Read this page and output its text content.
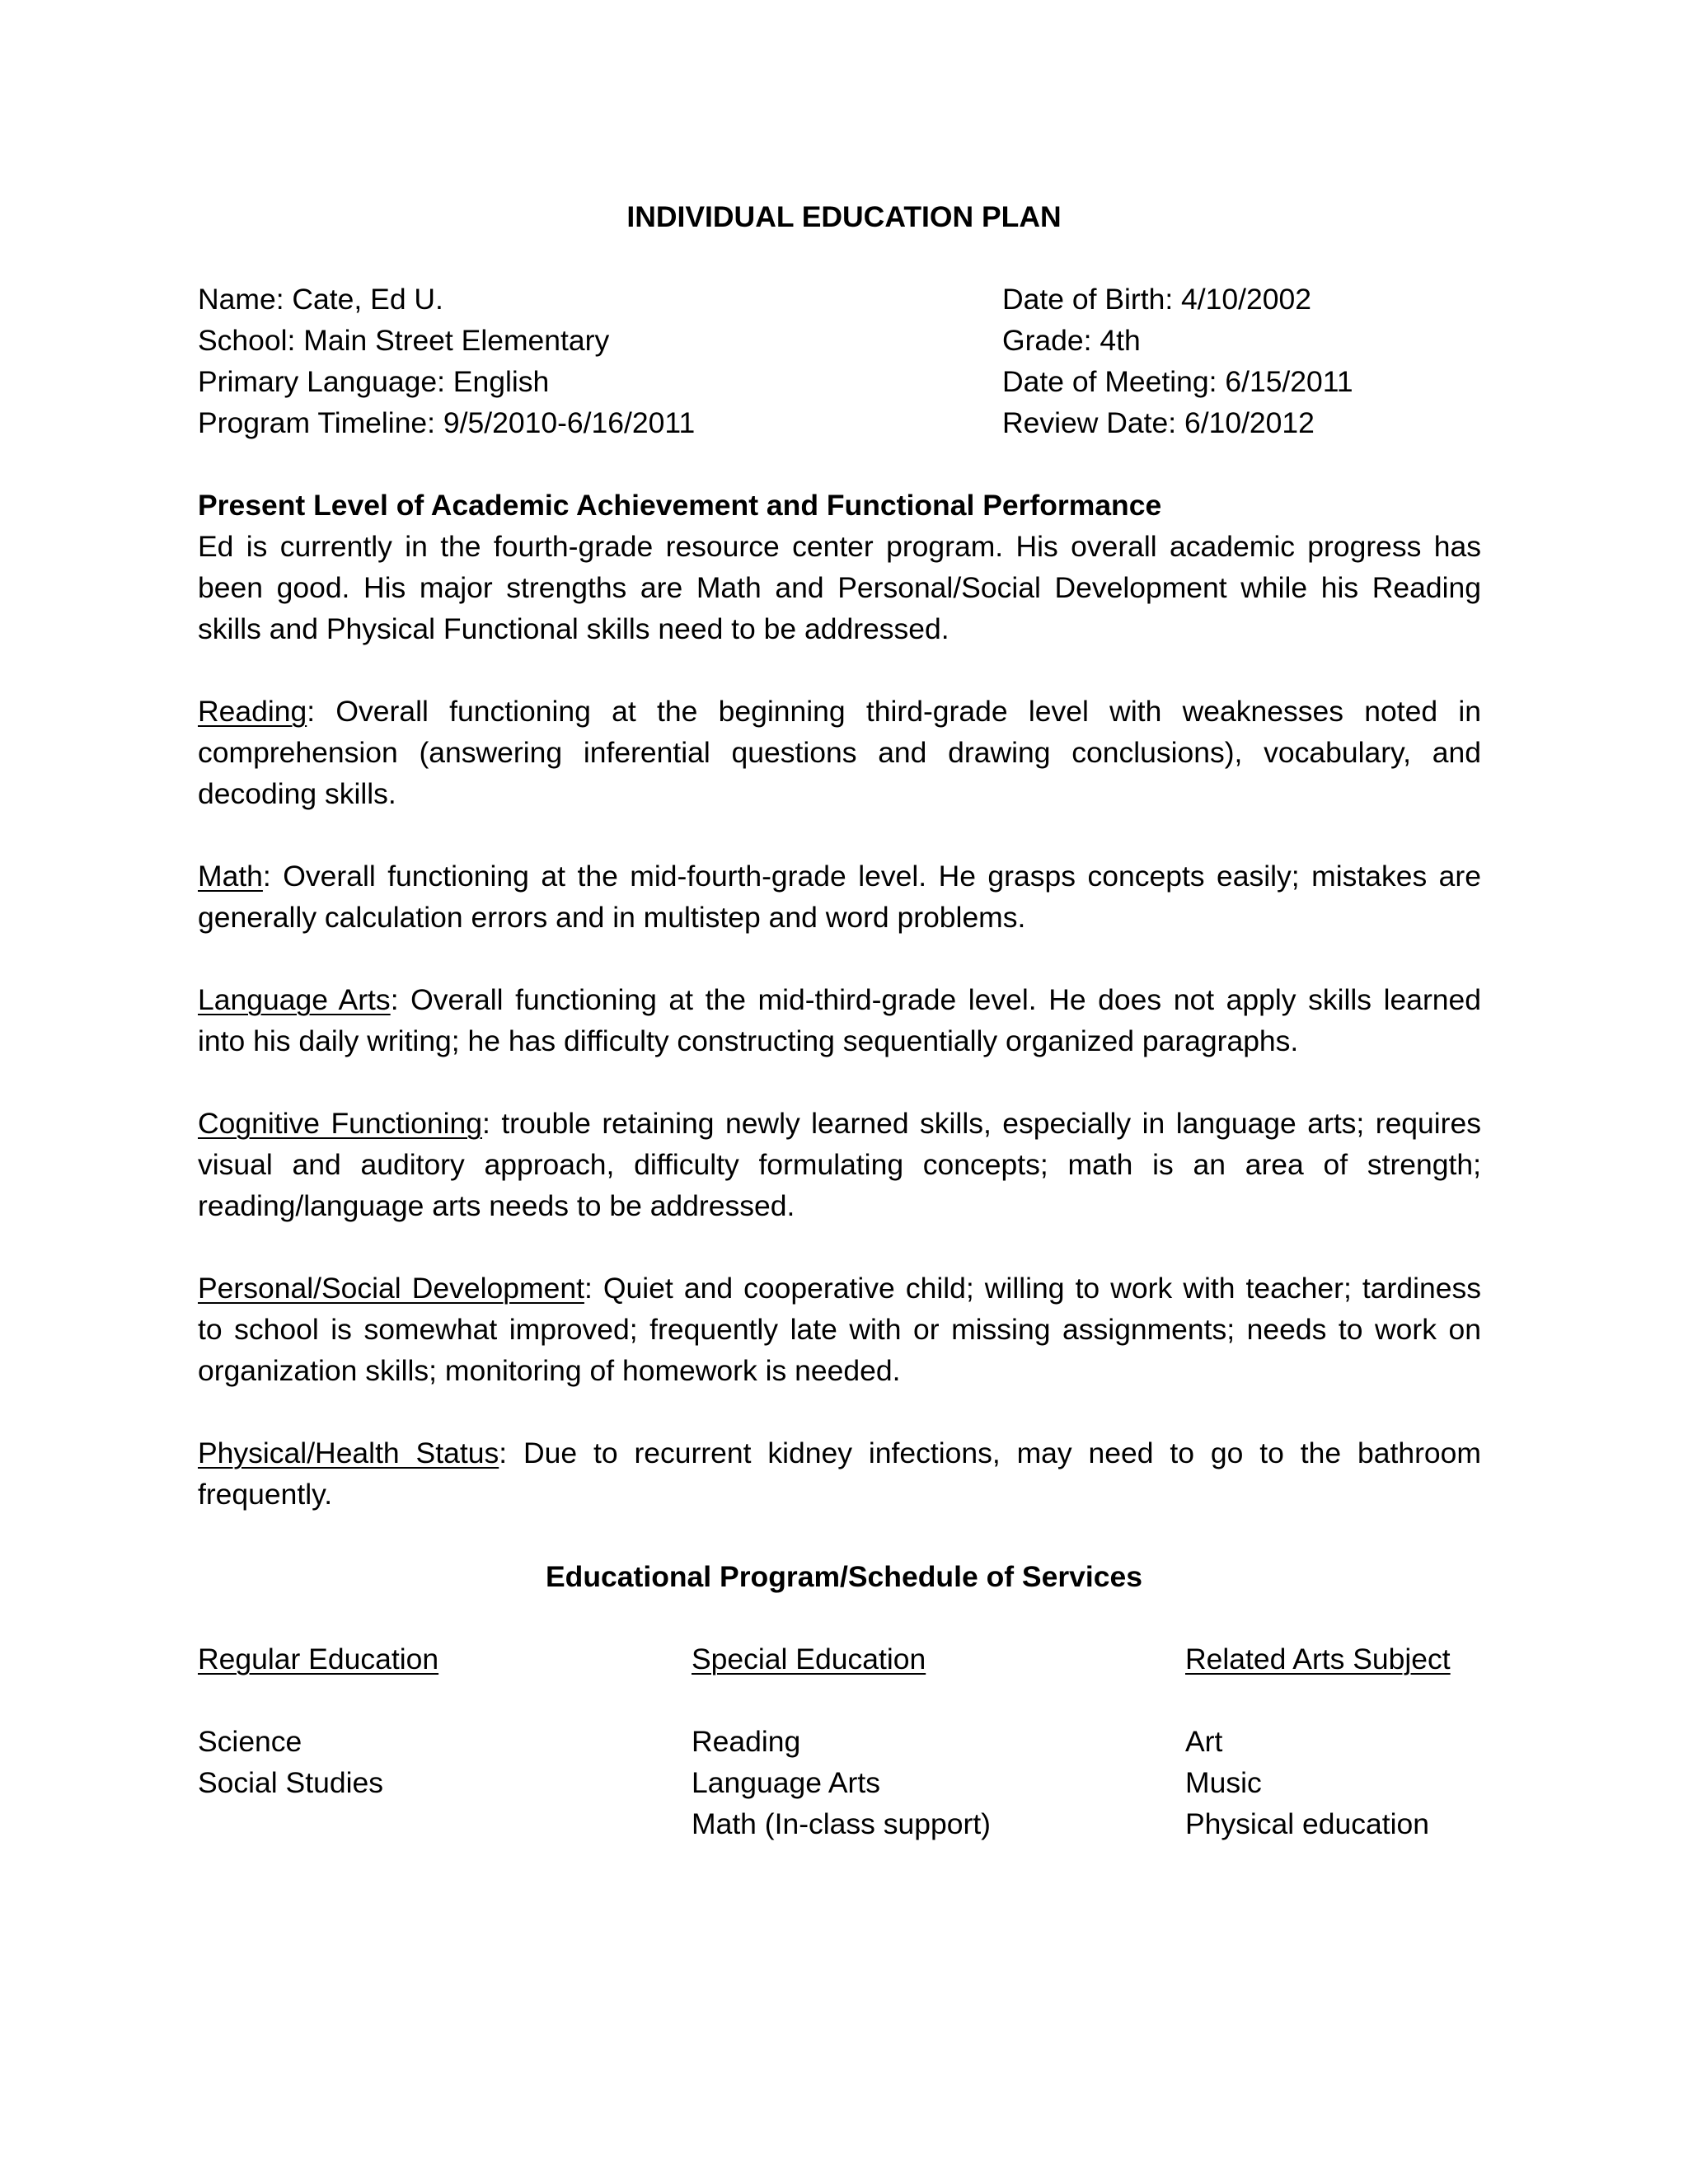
INDIVIDUAL EDUCATION PLAN
Name: Cate, Ed U.
School: Main Street Elementary
Primary Language: English
Program Timeline: 9/5/2010-6/16/2011
Date of Birth: 4/10/2002
Grade: 4th
Date of Meeting: 6/15/2011
Review Date: 6/10/2012
Present Level of Academic Achievement and Functional Performance

Ed is currently in the fourth-grade resource center program. His overall academic progress has been good. His major strengths are Math and Personal/Social Development while his Reading skills and Physical Functional skills need to be addressed.

Reading: Overall functioning at the beginning third-grade level with weaknesses noted in comprehension (answering inferential questions and drawing conclusions), vocabulary, and decoding skills.

Math: Overall functioning at the mid-fourth-grade level. He grasps concepts easily; mistakes are generally calculation errors and in multistep and word problems.

Language Arts: Overall functioning at the mid-third-grade level. He does not apply skills learned into his daily writing; he has difficulty constructing sequentially organized paragraphs.

Cognitive Functioning: trouble retaining newly learned skills, especially in language arts; requires visual and auditory approach, difficulty formulating concepts; math is an area of strength; reading/language arts needs to be addressed.

Personal/Social Development: Quiet and cooperative child; willing to work with teacher; tardiness to school is somewhat improved; frequently late with or missing assignments; needs to work on organization skills; monitoring of homework is needed.

Physical/Health Status: Due to recurrent kidney infections, may need to go to the bathroom frequently.

Educational Program/Schedule of Services
Regular Education
Science
Social Studies
Special Education
Reading
Language Arts
Math (In-class support)
Related Arts Subject
Art
Music
Physical education
